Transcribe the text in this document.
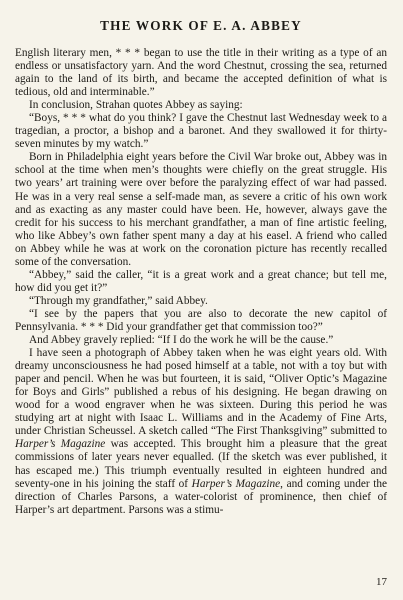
THE WORK OF E. A. ABBEY

English literary men, * * * began to use the title in their writing as a type of an endless or unsatisfactory yarn. And the word Chestnut, crossing the sea, returned again to the land of its birth, and became the accepted definition of what is tedious, old and interminable.”

In conclusion, Strahan quotes Abbey as saying:

“Boys, * * * what do you think? I gave the Chestnut last Wednesday week to a tragedian, a proctor, a bishop and a baronet. And they swallowed it for thirty-seven minutes by my watch.”

Born in Philadelphia eight years before the Civil War broke out, Abbey was in school at the time when men’s thoughts were chiefly on the great struggle. His two years’ art training were over before the paralyzing effect of war had passed. He was in a very real sense a self-made man, as severe a critic of his own work and as exacting as any master could have been. He, however, always gave the credit for his success to his merchant grandfather, a man of fine artistic feeling, who like Abbey’s own father spent many a day at his easel. A friend who called on Abbey while he was at work on the coronation picture has recently recalled some of the conversation.

“Abbey,” said the caller, “it is a great work and a great chance; but tell me, how did you get it?”

“Through my grandfather,” said Abbey.

“I see by the papers that you are also to decorate the new capitol of Pennsylvania. * * * Did your grandfather get that commission too?”

And Abbey gravely replied: “If I do the work he will be the cause.”

I have seen a photograph of Abbey taken when he was eight years old. With dreamy unconsciousness he had posed himself at a table, not with a toy but with paper and pencil. When he was but fourteen, it is said, “Oliver Optic’s Magazine for Boys and Girls” published a rebus of his designing. He began drawing on wood for a wood engraver when he was sixteen. During this period he was studying art at night with Isaac L. Williams and in the Academy of Fine Arts, under Christian Scheussel. A sketch called “The First Thanksgiving” submitted to Harper’s Magazine was accepted. This brought him a pleasure that the great commissions of later years never equalled. (If the sketch was ever published, it has escaped me.) This triumph eventually resulted in eighteen hundred and seventy-one in his joining the staff of Harper’s Magazine, and coming under the direction of Charles Parsons, a water-colorist of prominence, then chief of Harper’s art department. Parsons was a stimu-

17
